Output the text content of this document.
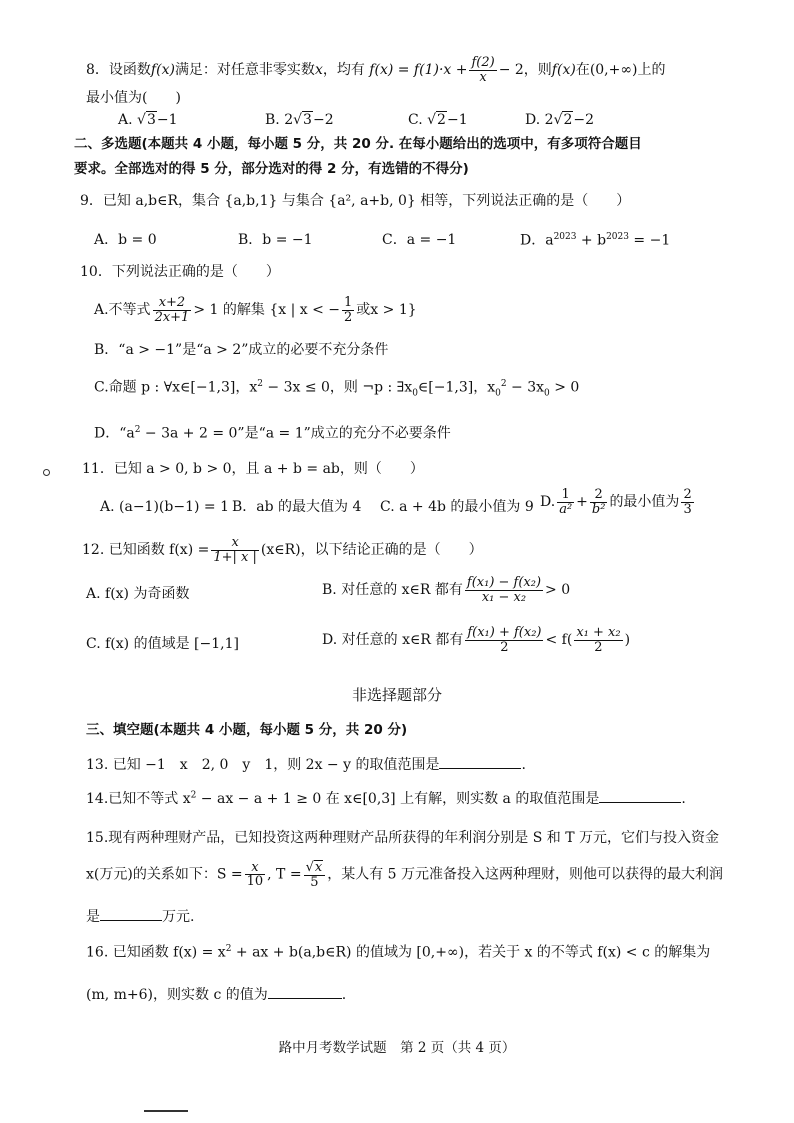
8．设函数f(x)满足：对任意非零实数x，均有 $f(x) = f(1)\cdot x + \frac{f(2)}{x} - 2$，则f(x)在(0,+∞)上的
最小值为(　　)
A. √3−1	B. 2√3−2	C. √2−1	D. 2√2−2
二、多选题(本题共 4 小题，每小题 5 分，共 20 分. 在每小题给出的选项中，有多项符合题目
要求。全部选对的得 5 分，部分选对的得 2 分，有选错的不得分)
9．已知 a,b∈R，集合 {a,b,1} 与集合 {a², a+b, 0} 相等，下列说法正确的是（　　）
A．b = 0	B．b = −1	C．a = −1	D．$a^{2023} + b^{2023} = -1$
10．下列说法正确的是（　　）
A.不等式 $\frac{x+2}{2x+1} > 1$ 的解集 {x | x < − $\frac{1}{2}$ 或x > 1}
B．“a > −1”是“a > 2”成立的必要不充分条件
C.命题 p : ∀x∈[−1,3]，$x^2 - 3x \le 0$，则 ¬p : $\exists x_0\in[-1,3]$，$x_0^2 - 3x_0 > 0$
D．“$a^2 - 3a + 2 = 0$”是“a = 1”成立的充分不必要条件
11．已知 a > 0, b > 0，且 a + b = ab，则（　　）
A. (a−1)(b−1) = 1 B．ab 的最大值为 4 C. a + 4b 的最小值为 9 D. $\frac{1}{\text{a²}} + \frac{2}{\text{b²}}$ 的最小值为 $\frac{2}{3}$
12. 已知函数 $f(x) = \frac{x}{1+| x |}$ (x∈R)，以下结论正确的是（　　）
A. f(x) 为奇函数	B. 对任意的 x∈R 都有 $\frac{\text{f(x₁) − f(x₂)}}{\text{x₁ − x₂}} > 0$
C. f(x) 的值域是 [−1,1]	D. 对任意的 x∈R 都有 $\frac{\text{f(x₁) + f(x₂)}}{2} < f( \frac{\text{x₁ + x₂}}{2}$ )
非选择题部分
三、填空题(本题共 4 小题，每小题 5 分，共 20 分)
13. 已知 −1　x　2, 0　y　1，则 2x − y 的取值范围是	.
14.已知不等式 $x^2$ − ax − a + 1 ≥ 0 在 x∈[0,3] 上有解，则实数 a 的取值范围是	.
15.现有两种理财产品，已知投资这两种理财产品所获得的年利润分别是 S 和 T 万元，它们与投入资金
x(万元)的关系如下：$S = \frac{x}{10}$ , $T = \frac{√x}{5}$ ，某人有 5 万元准备投入这两种理财，则他可以获得的最大利润
是	万元.
16. 已知函数 $f(x) = x^2$ + ax + b(a,b∈R) 的值域为 [0,+∞)，若关于 x 的不等式 f(x) < c 的解集为
(m, m+6)，则实数 c 的值为	.
路中月考数学试题　第 2 页（共 4 页）
